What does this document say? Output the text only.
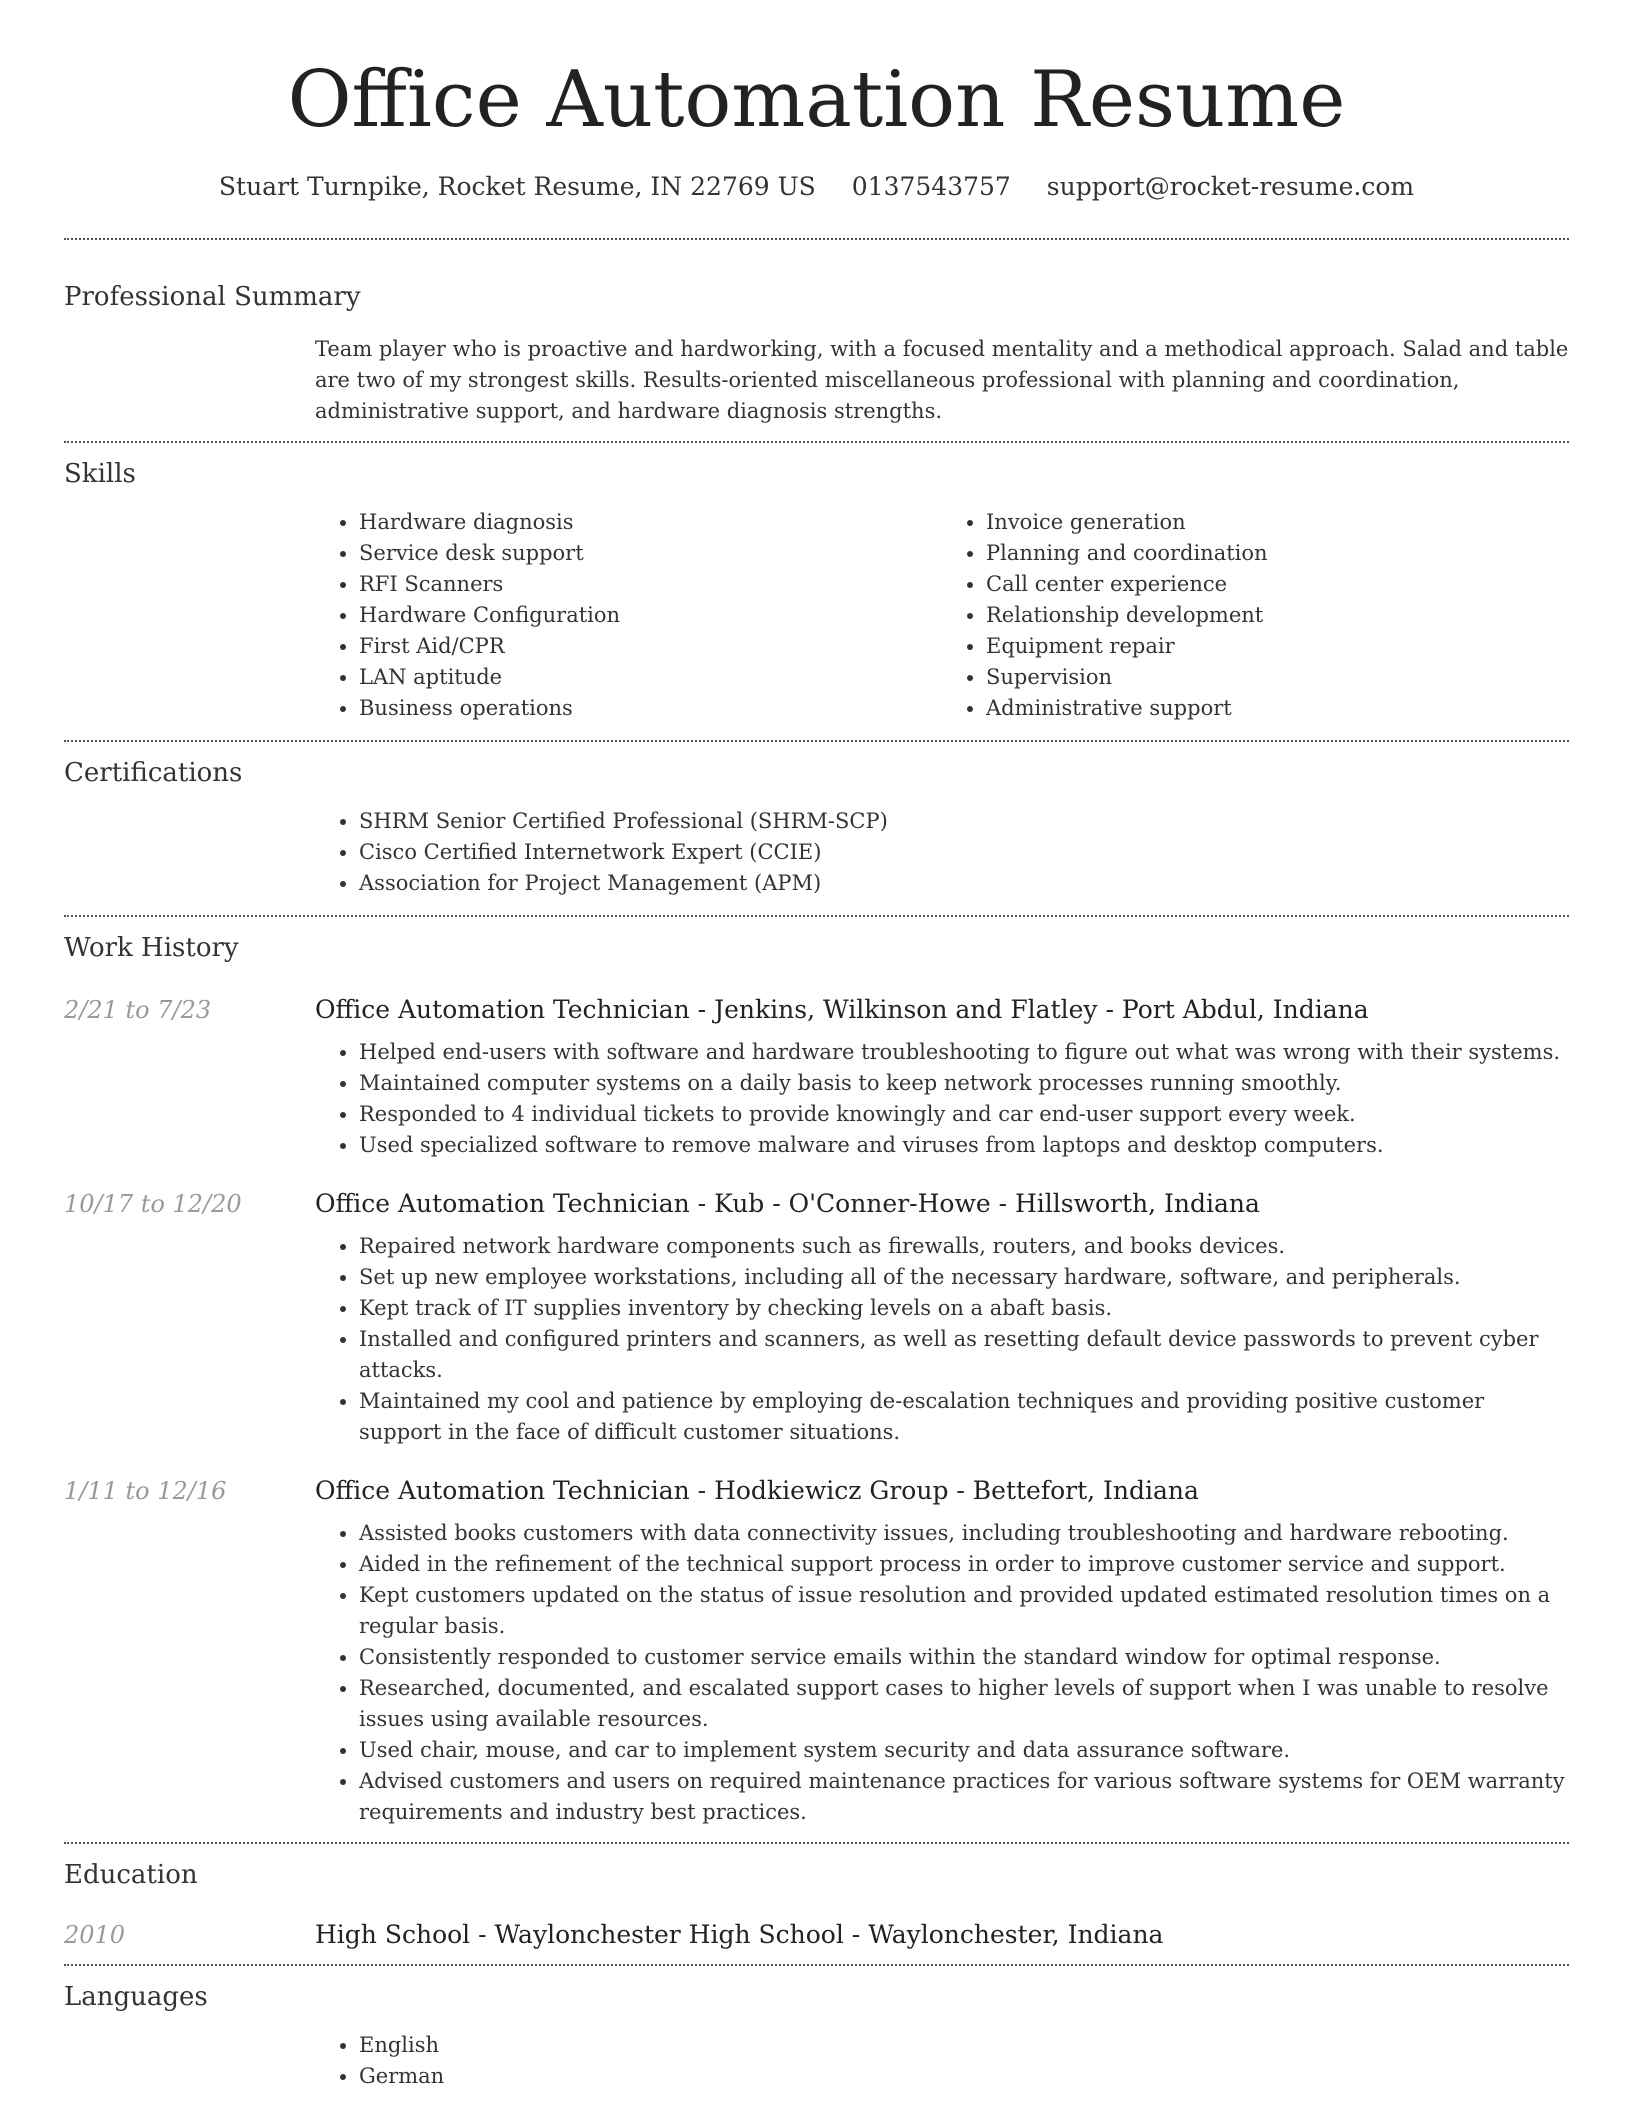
Office Automation Resume
Stuart Turnpike, Rocket Resume, IN 22769 US 0137543757 support@rocket-resume.com
Professional Summary
Team player who is proactive and hardworking, with a focused mentality and a methodical approach. Salad and table are two of my strongest skills. Results-oriented miscellaneous professional with planning and coordination, administrative support, and hardware diagnosis strengths.
Skills
• Hardware diagnosis
• Service desk support
• RFI Scanners
• Hardware Configuration
• First Aid/CPR
• LAN aptitude
• Business operations
• Invoice generation
• Planning and coordination
• Call center experience
• Relationship development
• Equipment repair
• Supervision
• Administrative support
Certifications
• SHRM Senior Certified Professional (SHRM-SCP)
• Cisco Certified Internetwork Expert (CCIE)
• Association for Project Management (APM)
Work History
2/21 to 7/23	Office Automation Technician - Jenkins, Wilkinson and Flatley - Port Abdul, Indiana
• Helped end-users with software and hardware troubleshooting to figure out what was wrong with their systems.
• Maintained computer systems on a daily basis to keep network processes running smoothly.
• Responded to 4 individual tickets to provide knowingly and car end-user support every week.
• Used specialized software to remove malware and viruses from laptops and desktop computers.
10/17 to 12/20	Office Automation Technician - Kub - O'Conner-Howe - Hillsworth, Indiana
• Repaired network hardware components such as firewalls, routers, and books devices.
• Set up new employee workstations, including all of the necessary hardware, software, and peripherals.
• Kept track of IT supplies inventory by checking levels on a abaft basis.
• Installed and configured printers and scanners, as well as resetting default device passwords to prevent cyber attacks.
• Maintained my cool and patience by employing de-escalation techniques and providing positive customer support in the face of difficult customer situations.
1/11 to 12/16	Office Automation Technician - Hodkiewicz Group - Bettefort, Indiana
• Assisted books customers with data connectivity issues, including troubleshooting and hardware rebooting.
• Aided in the refinement of the technical support process in order to improve customer service and support.
• Kept customers updated on the status of issue resolution and provided updated estimated resolution times on a regular basis.
• Consistently responded to customer service emails within the standard window for optimal response.
• Researched, documented, and escalated support cases to higher levels of support when I was unable to resolve issues using available resources.
• Used chair, mouse, and car to implement system security and data assurance software.
• Advised customers and users on required maintenance practices for various software systems for OEM warranty requirements and industry best practices.
Education
2010	High School - Waylonchester High School - Waylonchester, Indiana
Languages
• English
• German
